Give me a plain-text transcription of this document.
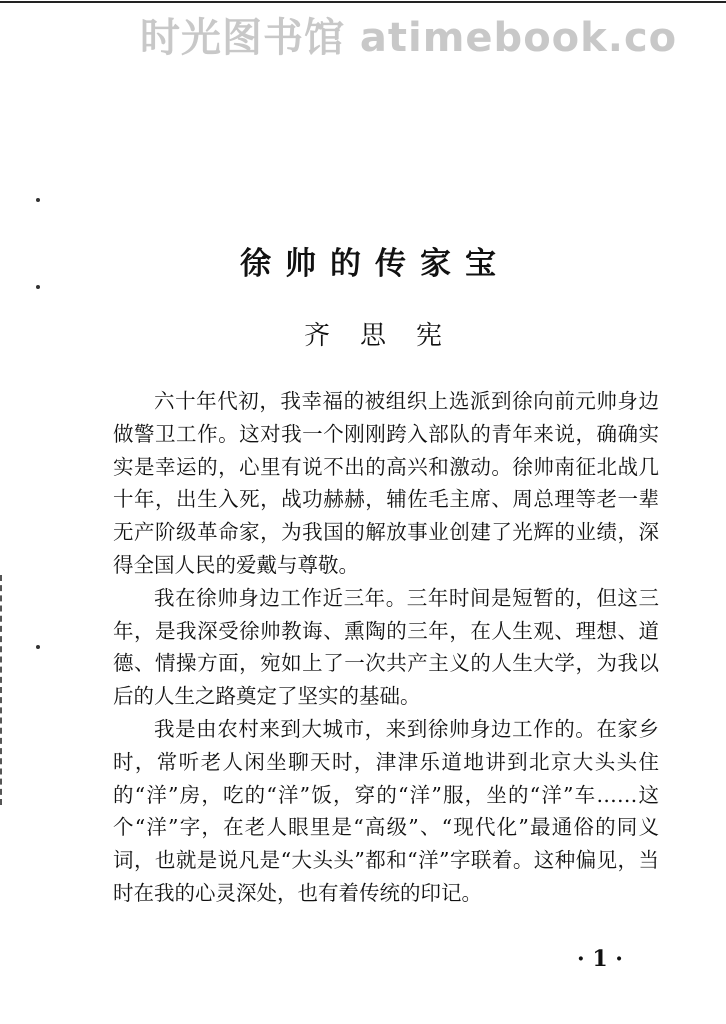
时光图书馆 atimebook.co
徐帅的传家宝
齐思宪

六十年代初，我幸福的被组织上选派到徐向前元帅身边做警卫工作。这对我一个刚刚跨入部队的青年来说，确确实实是幸运的，心里有说不出的高兴和激动。徐帅南征北战几十年，出生入死，战功赫赫，辅佐毛主席、周总理等老一辈无产阶级革命家，为我国的解放事业创建了光辉的业绩，深得全国人民的爱戴与尊敬。

我在徐帅身边工作近三年。三年时间是短暂的，但这三年，是我深受徐帅教诲、熏陶的三年，在人生观、理想、道德、情操方面，宛如上了一次共产主义的人生大学，为我以后的人生之路奠定了坚实的基础。

我是由农村来到大城市，来到徐帅身边工作的。在家乡时，常听老人闲坐聊天时，津津乐道地讲到北京大头头住的“洋”房，吃的“洋”饭，穿的“洋”服，坐的“洋”车……这个“洋”字，在老人眼里是“高级”、“现代化”最通俗的同义词，也就是说凡是“大头头”都和“洋”字联着。这种偏见，当时在我的心灵深处，也有着传统的印记。

· 1 ·
